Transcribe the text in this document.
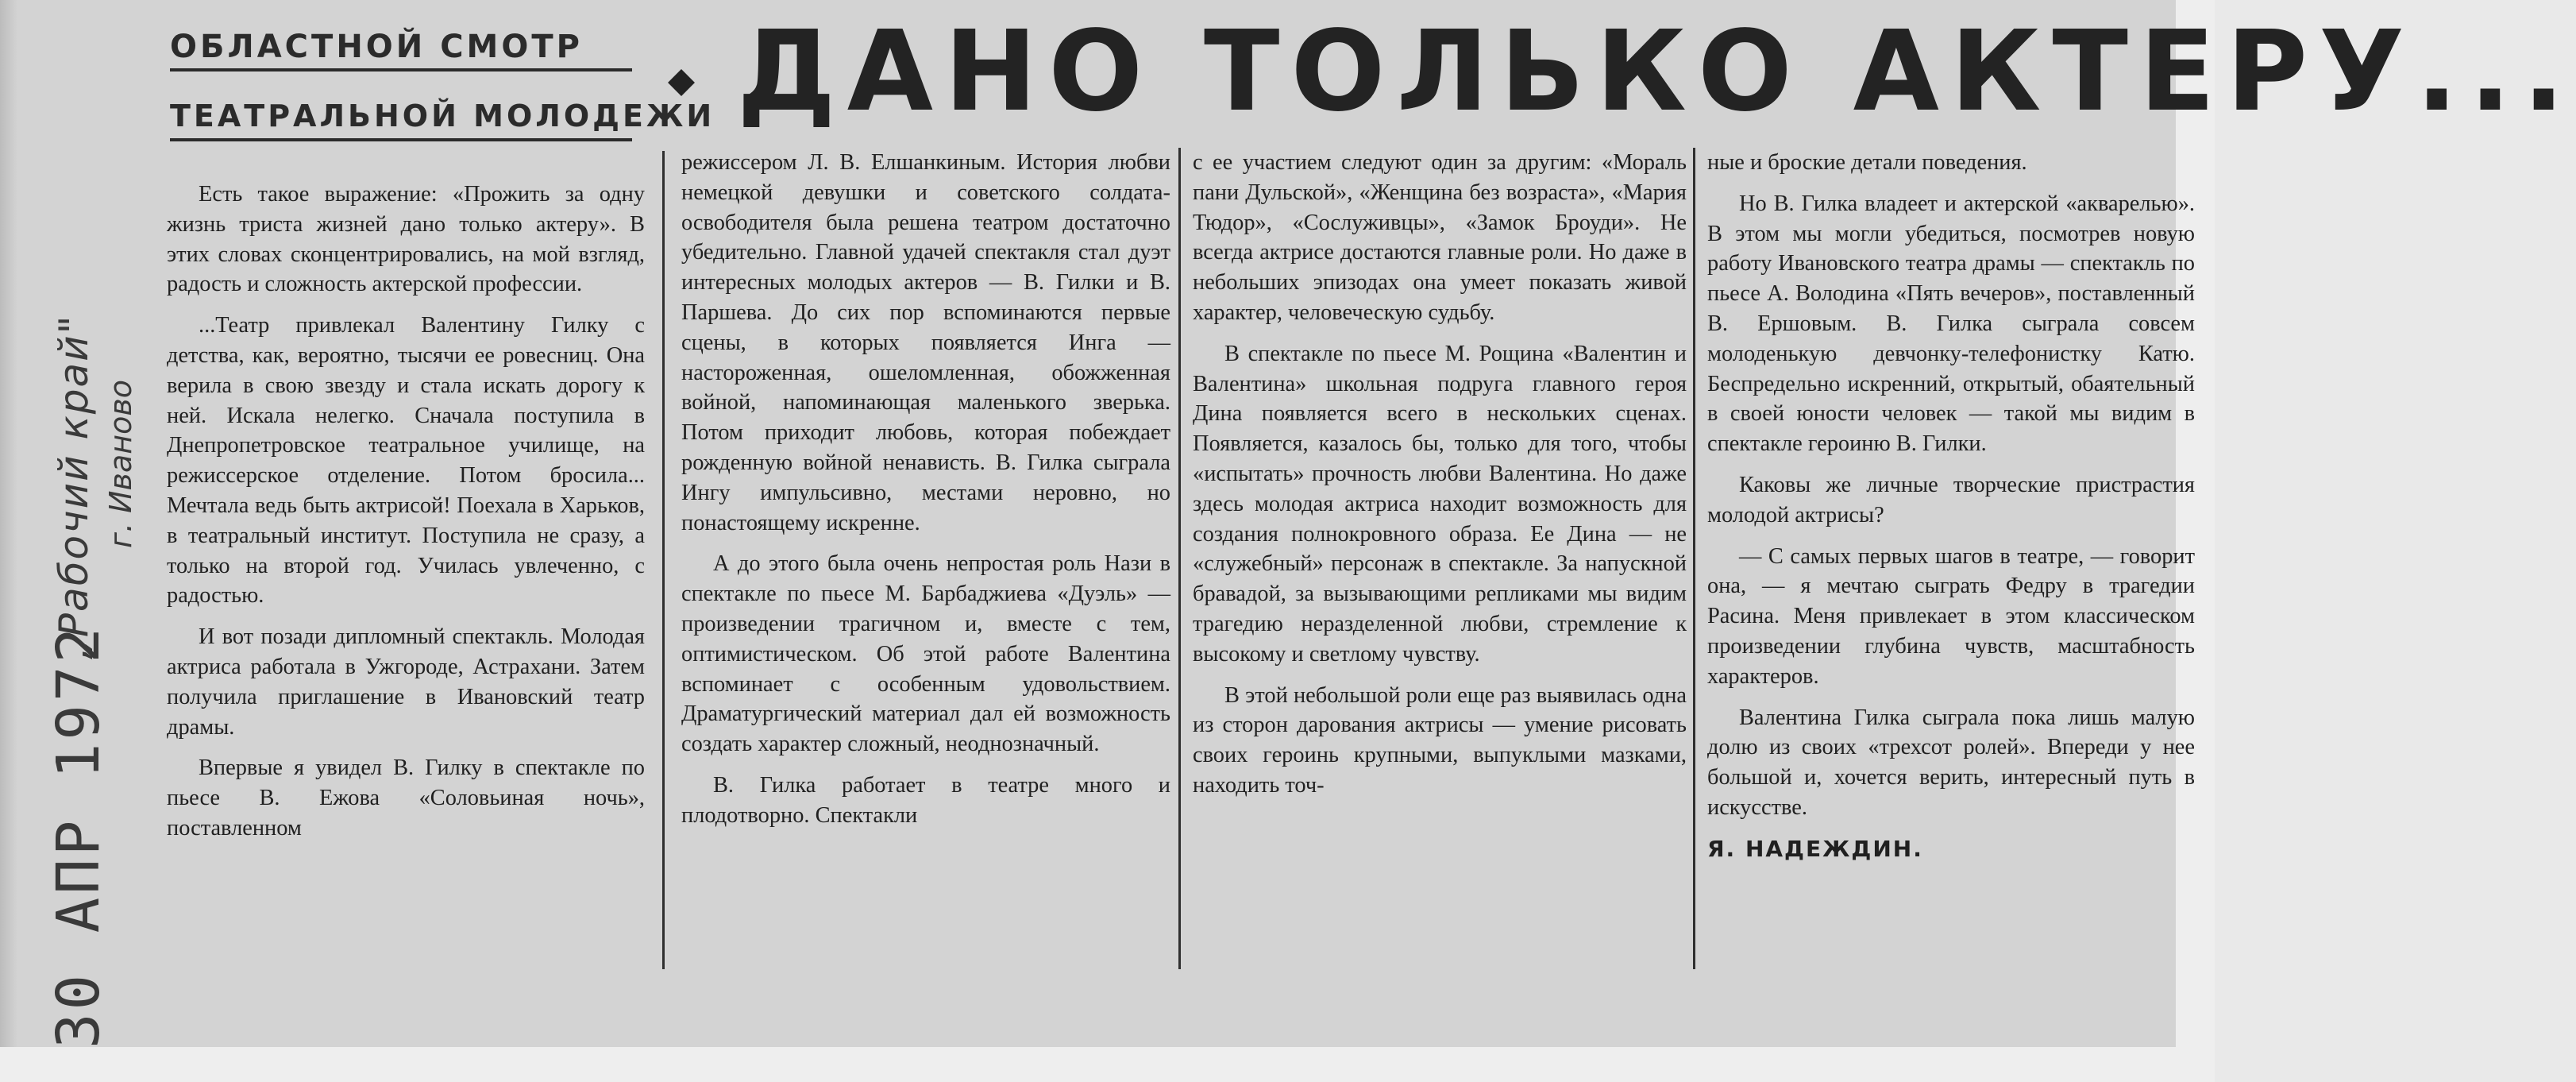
„Рабочий край" г. Иваново
30 АПР 1972
ОБЛАСТНОЙ СМОТР
ТЕАТРАЛЬНОЙ МОЛОДЕЖИ ДАНО ТОЛЬКО АКТЕРУ...

Есть такое выражение: «Прожить за одну жизнь триста жизней дано только актеру». В этих словах сконцентрировались, на мой взгляд, радость и сложность актерской профессии.

...Театр привлекал Валентину Гилку с детства, как, вероятно, тысячи ее ровесниц. Она верила в свою звезду и стала искать дорогу к ней. Искала нелегко. Сначала поступила в Днепропетровское театральное училище, на режиссерское отделение. Потом бросила... Мечтала ведь быть актрисой! Поехала в Харьков, в театральный институт. Поступила не сразу, а только на второй год. Училась увлеченно, с радостью.

И вот позади дипломный спектакль. Молодая актриса работала в Ужгороде, Астрахани. Затем получила приглашение в Ивановский театр драмы.

Впервые я увидел В. Гилку в спектакле по пьесе В. Ежова «Соловьиная ночь», поставленном

режиссером Л. В. Елшанкиным. История любви немецкой девушки и советского солдата-освободителя была решена театром достаточно убедительно. Главной удачей спектакля стал дуэт интересных молодых актеров — В. Гилки и В. Паршева. До сих пор вспоминаются первые сцены, в которых появляется Инга — настороженная, ошеломленная, обожженная войной, напоминающая маленького зверька. Потом приходит любовь, которая побеждает рожденную войной ненависть. В. Гилка сыграла Ингу импульсивно, местами неровно, но понастоящему искренне.

А до этого была очень непростая роль Нази в спектакле по пьесе М. Барбаджиева «Дуэль» — произведении трагичном и, вместе с тем, оптимистическом. Об этой работе Валентина вспоминает с особенным удовольствием. Драматургический материал дал ей возможность создать характер сложный, неоднозначный.

В. Гилка работает в театре много и плодотворно. Спектакли

с ее участием следуют один за другим: «Мораль пани Дульской», «Женщина без возраста», «Мария Тюдор», «Сослуживцы», «Замок Броуди». Не всегда актрисе достаются главные роли. Но даже в небольших эпизодах она умеет показать живой характер, человеческую судьбу.

В спектакле по пьесе М. Рощина «Валентин и Валентина» школьная подруга главного героя Дина появляется всего в нескольких сценах. Появляется, казалось бы, только для того, чтобы «испытать» прочность любви Валентина. Но даже здесь молодая актриса находит возможность для создания полнокровного образа. Ее Дина — не «служебный» персонаж в спектакле. За напускной бравадой, за вызывающими репликами мы видим трагедию неразделенной любви, стремление к высокому и светлому чувству.

В этой небольшой роли еще раз выявилась одна из сторон дарования актрисы — умение рисовать своих героинь крупными, выпуклыми мазками, находить точ-

ные и броские детали поведения.

Но В. Гилка владеет и актерской «акварелью». В этом мы могли убедиться, посмотрев новую работу Ивановского театра драмы — спектакль по пьесе А. Володина «Пять вечеров», поставленный В. Ершовым. В. Гилка сыграла совсем молоденькую девчонку-телефонистку Катю. Беспредельно искренний, открытый, обаятельный в своей юности человек — такой мы видим в спектакле героиню В. Гилки.

Каковы же личные творческие пристрастия молодой актрисы?

— С самых первых шагов в театре, — говорит она, — я мечтаю сыграть Федру в трагедии Расина. Меня привлекает в этом классическом произведении глубина чувств, масштабность характеров.

Валентина Гилка сыграла пока лишь малую долю из своих «трехсот ролей». Впереди у нее большой и, хочется верить, интересный путь в искусстве.

Я. НАДЕЖДИН.
